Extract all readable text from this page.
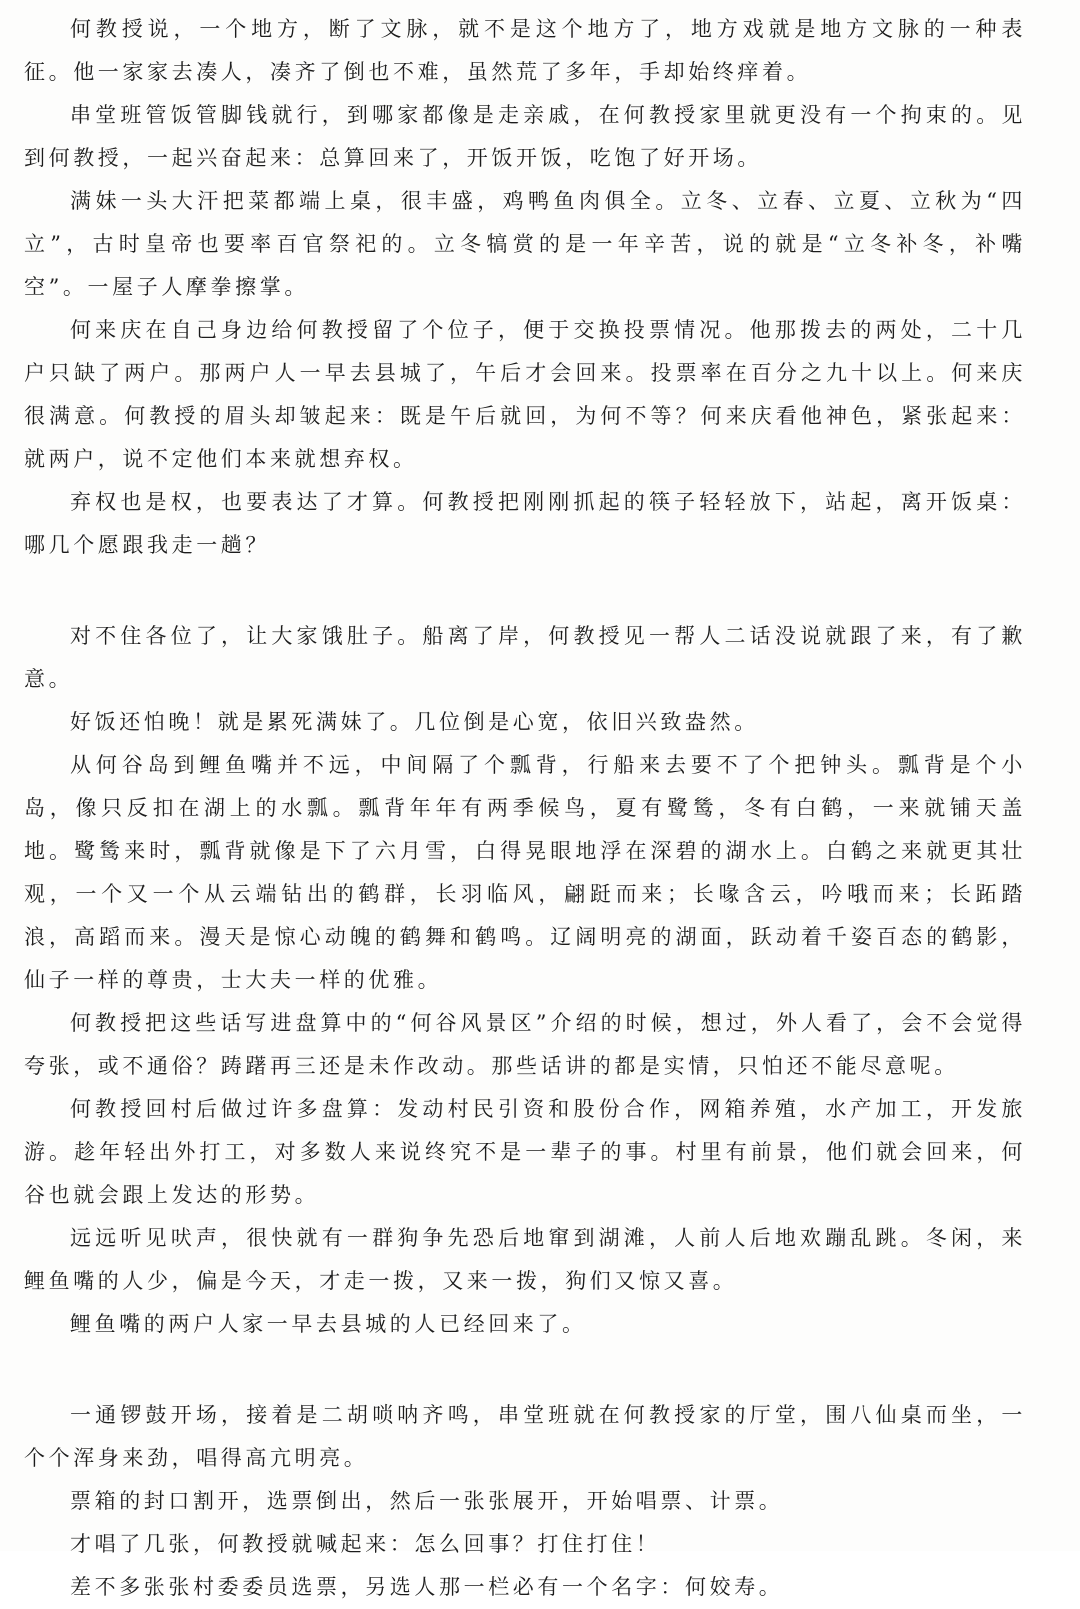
何教授说，一个地方，断了文脉，就不是这个地方了，地方戏就是地方文脉的一种表征。他一家家去凑人，凑齐了倒也不难，虽然荒了多年，手却始终痒着。

串堂班管饭管脚钱就行，到哪家都像是走亲戚，在何教授家里就更没有一个拘束的。见到何教授，一起兴奋起来：总算回来了，开饭开饭，吃饱了好开场。

满妹一头大汗把菜都端上桌，很丰盛，鸡鸭鱼肉俱全。立冬、立春、立夏、立秋为“四立”，古时皇帝也要率百官祭祀的。立冬犒赏的是一年辛苦，说的就是“立冬补冬，补嘴空”。一屋子人摩拳擦掌。

何来庆在自己身边给何教授留了个位子，便于交换投票情况。他那拨去的两处，二十几户只缺了两户。那两户人一早去县城了，午后才会回来。投票率在百分之九十以上。何来庆很满意。何教授的眉头却皱起来：既是午后就回，为何不等？何来庆看他神色，紧张起来：就两户，说不定他们本来就想弃权。

弃权也是权，也要表达了才算。何教授把刚刚抓起的筷子轻轻放下，站起，离开饭桌：哪几个愿跟我走一趟？

对不住各位了，让大家饿肚子。船离了岸，何教授见一帮人二话没说就跟了来，有了歉意。

好饭还怕晚！就是累死满妹了。几位倒是心宽，依旧兴致盎然。

从何谷岛到鲤鱼嘴并不远，中间隔了个瓢背，行船来去要不了个把钟头。瓢背是个小岛，像只反扣在湖上的水瓢。瓢背年年有两季候鸟，夏有鹭鸶，冬有白鹤，一来就铺天盖地。鹭鸶来时，瓢背就像是下了六月雪，白得晃眼地浮在深碧的湖水上。白鹤之来就更其壮观，一个又一个从云端钻出的鹤群，长羽临风，翩跹而来；长喙含云，吟哦而来；长跖踏浪，高蹈而来。漫天是惊心动魄的鹤舞和鹤鸣。辽阔明亮的湖面，跃动着千姿百态的鹤影，仙子一样的尊贵，士大夫一样的优雅。

何教授把这些话写进盘算中的“何谷风景区”介绍的时候，想过，外人看了，会不会觉得夸张，或不通俗？踌躇再三还是未作改动。那些话讲的都是实情，只怕还不能尽意呢。

何教授回村后做过许多盘算：发动村民引资和股份合作，网箱养殖，水产加工，开发旅游。趁年轻出外打工，对多数人来说终究不是一辈子的事。村里有前景，他们就会回来，何谷也就会跟上发达的形势。

远远听见吠声，很快就有一群狗争先恐后地窜到湖滩，人前人后地欢蹦乱跳。冬闲，来鲤鱼嘴的人少，偏是今天，才走一拨，又来一拨，狗们又惊又喜。

鲤鱼嘴的两户人家一早去县城的人已经回来了。

一通锣鼓开场，接着是二胡唢呐齐鸣，串堂班就在何教授家的厅堂，围八仙桌而坐，一个个浑身来劲，唱得高亢明亮。

票箱的封口割开，选票倒出，然后一张张展开，开始唱票、计票。

才唱了几张，何教授就喊起来：怎么回事？打住打住！

差不多张张村委委员选票，另选人那一栏必有一个名字：何姣寿。
